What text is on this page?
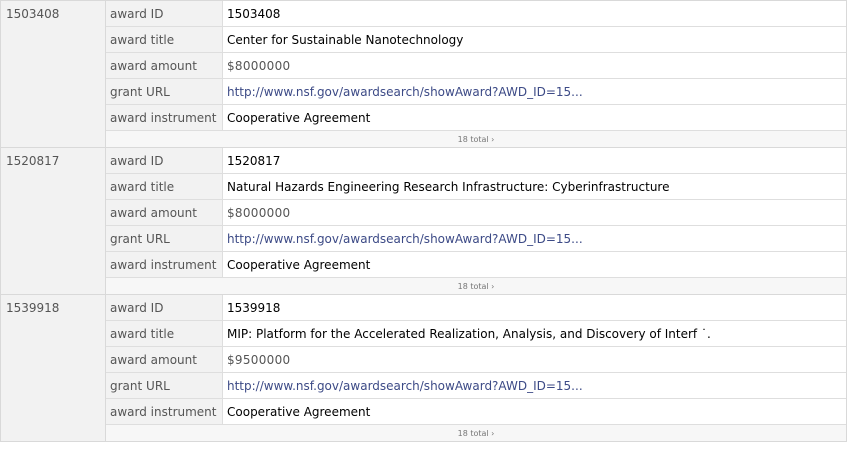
1503408		award ID	1503408
award title	Center for Sustainable Nanotechnology
award amount	$8000000
grant URL	http://www.nsf.gov/awardsearch/showAward?AWD_ID=15...
award instrument	Cooperative Agreement
18 total ›

1520817		award ID	1520817
award title	Natural Hazards Engineering Research Infrastructure: Cyberinfrastructure
award amount	$8000000
grant URL	http://www.nsf.gov/awardsearch/showAward?AWD_ID=15...
award instrument	Cooperative Agreement
18 total ›

1539918		award ID	1539918
award title	MIP: Platform for the Accelerated Realization, Analysis, and Discovery of Interf ˙.
award amount	$9500000
grant URL	http://www.nsf.gov/awardsearch/showAward?AWD_ID=15...
award instrument	Cooperative Agreement
18 total ›
